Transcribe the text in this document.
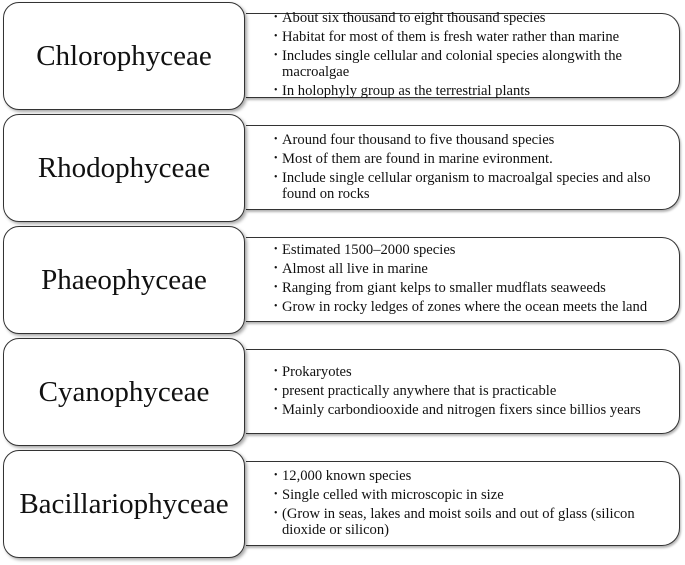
Chlorophyceae
• About six thousand to eight thousand species
• Habitat for most of them is fresh water rather than marine
• Includes single cellular and colonial species alongwith the macroalgae
• In holophyly group as the terrestrial plants
Rhodophyceae
• Around four thousand to five thousand species
• Most of them are found in marine evironment.
• Include single cellular organism to macroalgal species and also found on rocks
Phaeophyceae
• Estimated 1500–2000 species
• Almost all live in marine
• Ranging from giant kelps to smaller mudflats seaweeds
• Grow in rocky ledges of zones where the ocean meets the land
Cyanophyceae
• Prokaryotes
• present practically anywhere that is practicable
• Mainly carbondiooxide and nitrogen fixers since billios years
Bacillariophyceae
• 12,000 known species
• Single celled with microscopic in size
• (Grow in seas, lakes and moist soils and out of glass (silicon dioxide or silicon)
